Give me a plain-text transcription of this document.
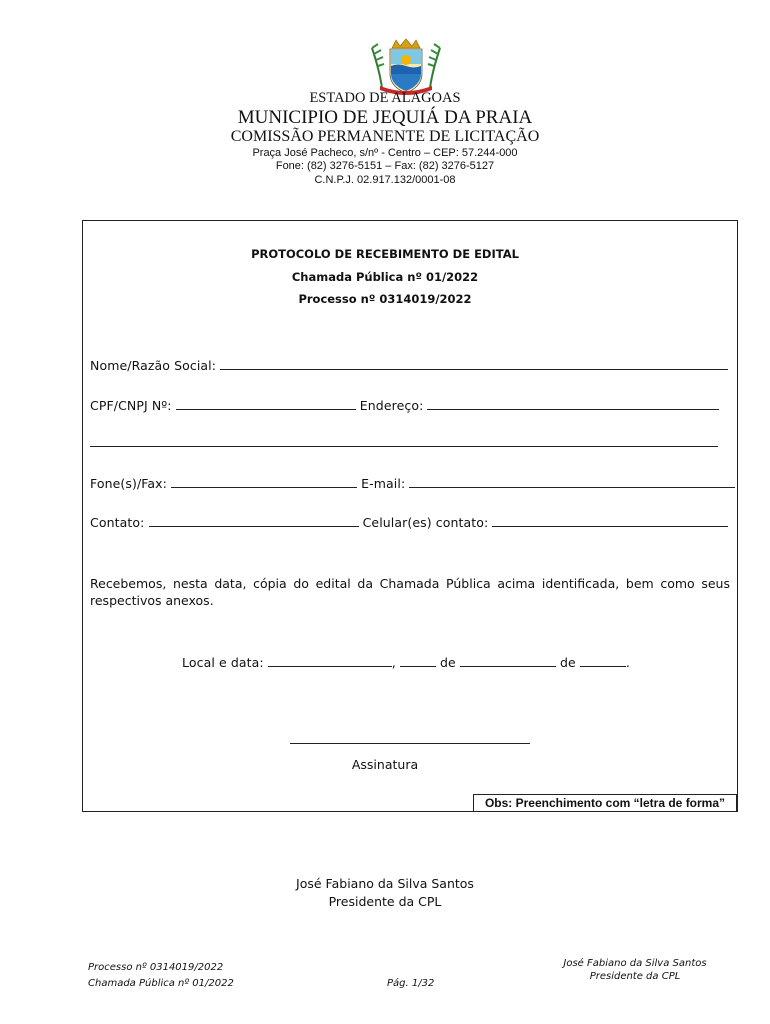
ESTADO DE ALAGOAS
MUNICIPIO DE JEQUIÁ DA PRAIA
COMISSÃO PERMANENTE DE LICITAÇÃO
Praça José Pacheco, s/nº - Centro – CEP: 57.244-000
Fone: (82) 3276-5151 – Fax: (82) 3276-5127
C.N.P.J. 02.917.132/0001-08
PROTOCOLO DE RECEBIMENTO DE EDITAL
Chamada Pública nº 01/2022
Processo nº 0314019/2022
Nome/Razão Social:
CPF/CNPJ Nº:	Endereço:
Fone(s)/Fax:	E-mail:
Contato:	Celular(es) contato:
Recebemos, nesta data, cópia do edital da Chamada Pública acima identificada, bem como seus respectivos anexos.
Local e data:	,	de	de	.
Assinatura
Obs: Preenchimento com “letra de forma”
José Fabiano da Silva Santos
Presidente da CPL
Processo nº 0314019/2022
Chamada Pública nº 01/2022	Pág. 1/32
José Fabiano da Silva Santos
Presidente da CPL
